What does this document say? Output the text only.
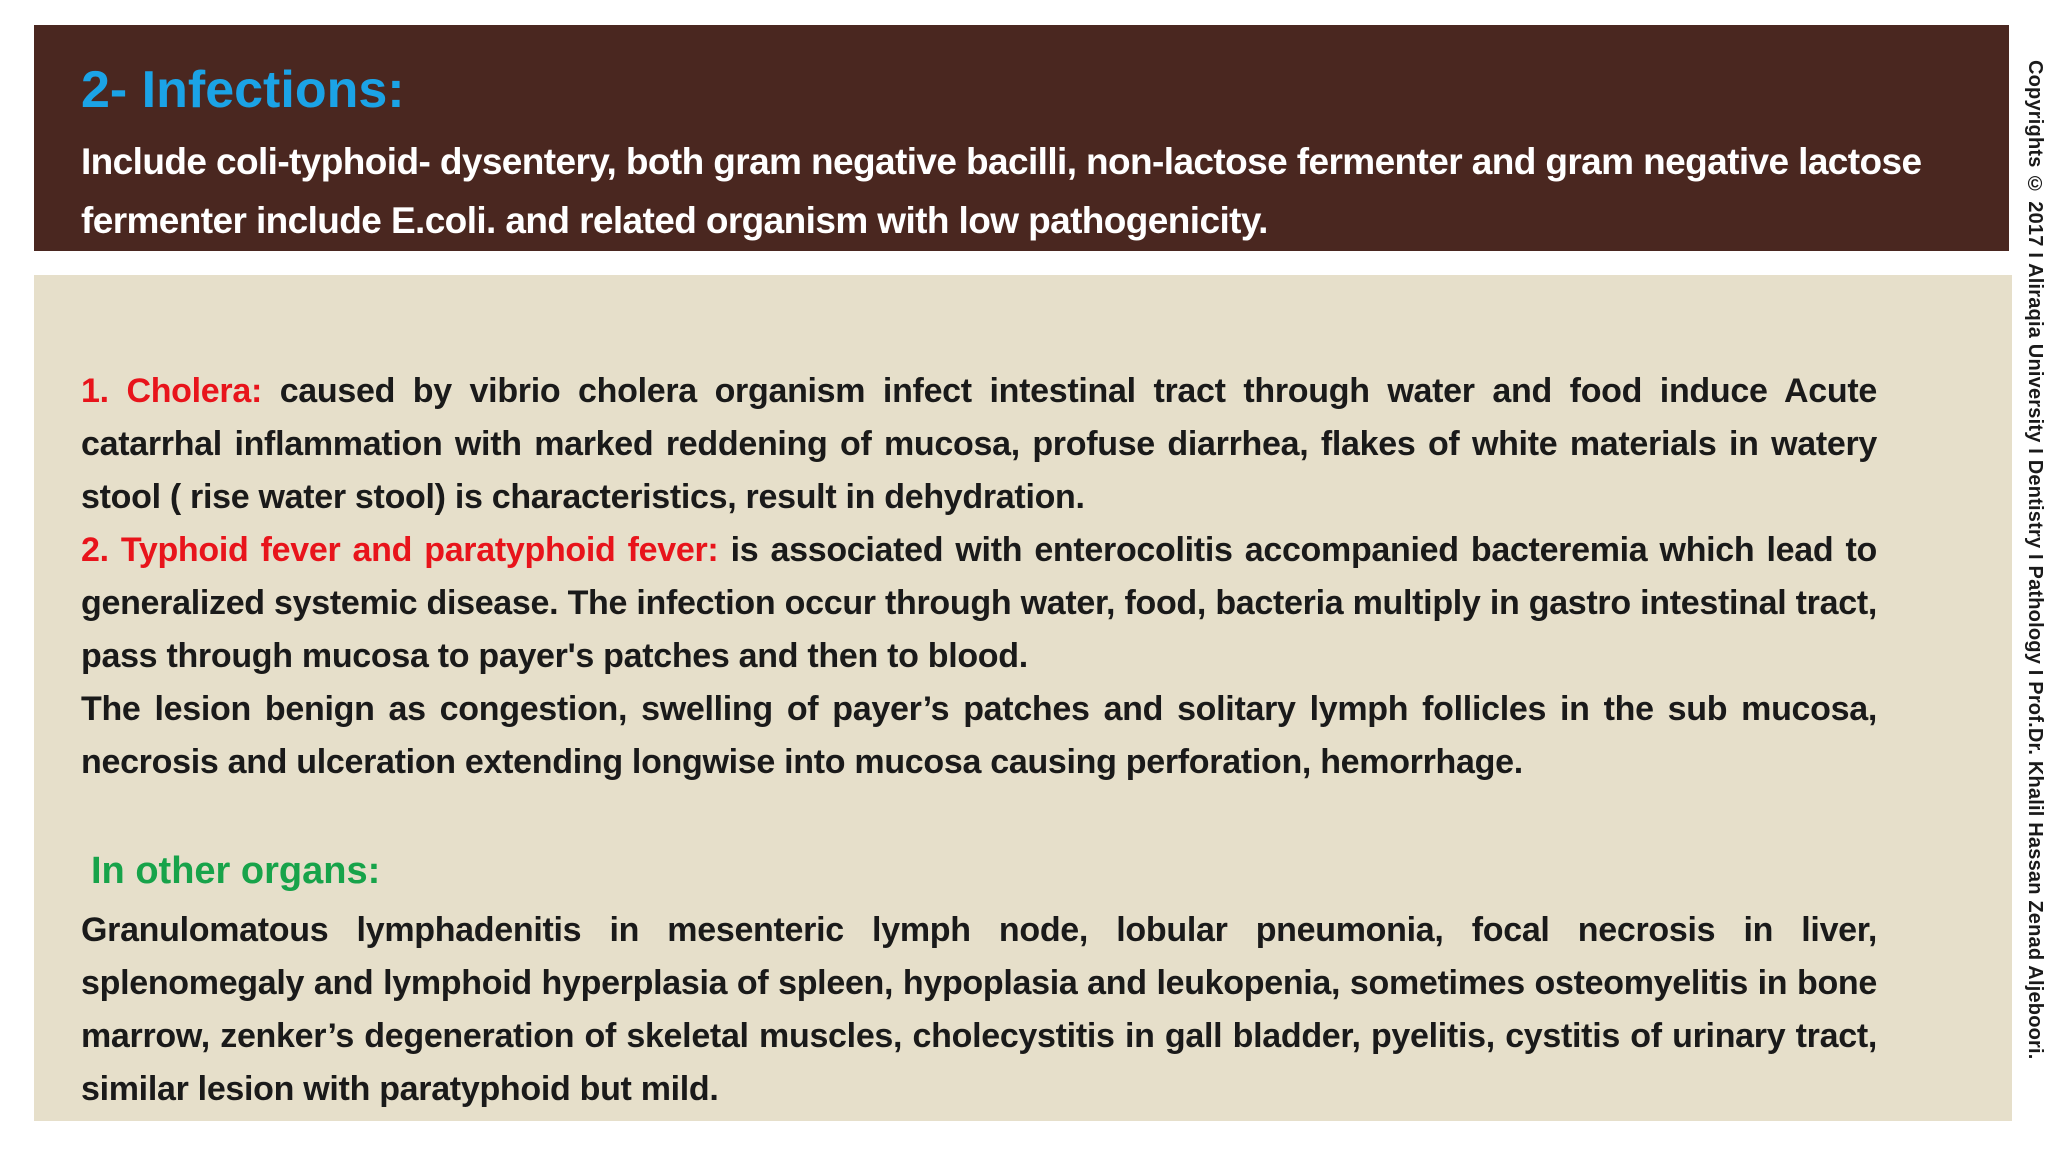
2- Infections:

Include coli-typhoid- dysentery, both gram negative bacilli, non-lactose fermenter and gram negative lactose fermenter include E.coli. and related organism with low pathogenicity.

1. Cholera: caused by vibrio cholera organism infect intestinal tract through water and food induce Acute catarrhal inflammation with marked reddening of mucosa, profuse diarrhea, flakes of white materials in watery stool ( rise water stool) is characteristics, result in dehydration.

2. Typhoid fever and paratyphoid fever: is associated with enterocolitis accompanied bacteremia which lead to generalized systemic disease. The infection occur through water, food, bacteria multiply in gastro intestinal tract, pass through mucosa to payer's patches and then to blood.

The lesion benign as congestion, swelling of payer’s patches and solitary lymph follicles in the sub mucosa, necrosis and ulceration extending longwise into mucosa causing perforation, hemorrhage.

In other organs:

Granulomatous lymphadenitis in mesenteric lymph node, lobular pneumonia, focal necrosis in liver, splenomegaly and lymphoid hyperplasia of spleen, hypoplasia and leukopenia, sometimes osteomyelitis in bone marrow, zenker’s degeneration of skeletal muscles, cholecystitis in gall bladder, pyelitis, cystitis of urinary tract, similar lesion with paratyphoid but mild.

Copyrights © 2017 I Aliraqia University I Dentistry I Pathology I Prof.Dr. Khalil Hassan Zenad Aljeboori.
